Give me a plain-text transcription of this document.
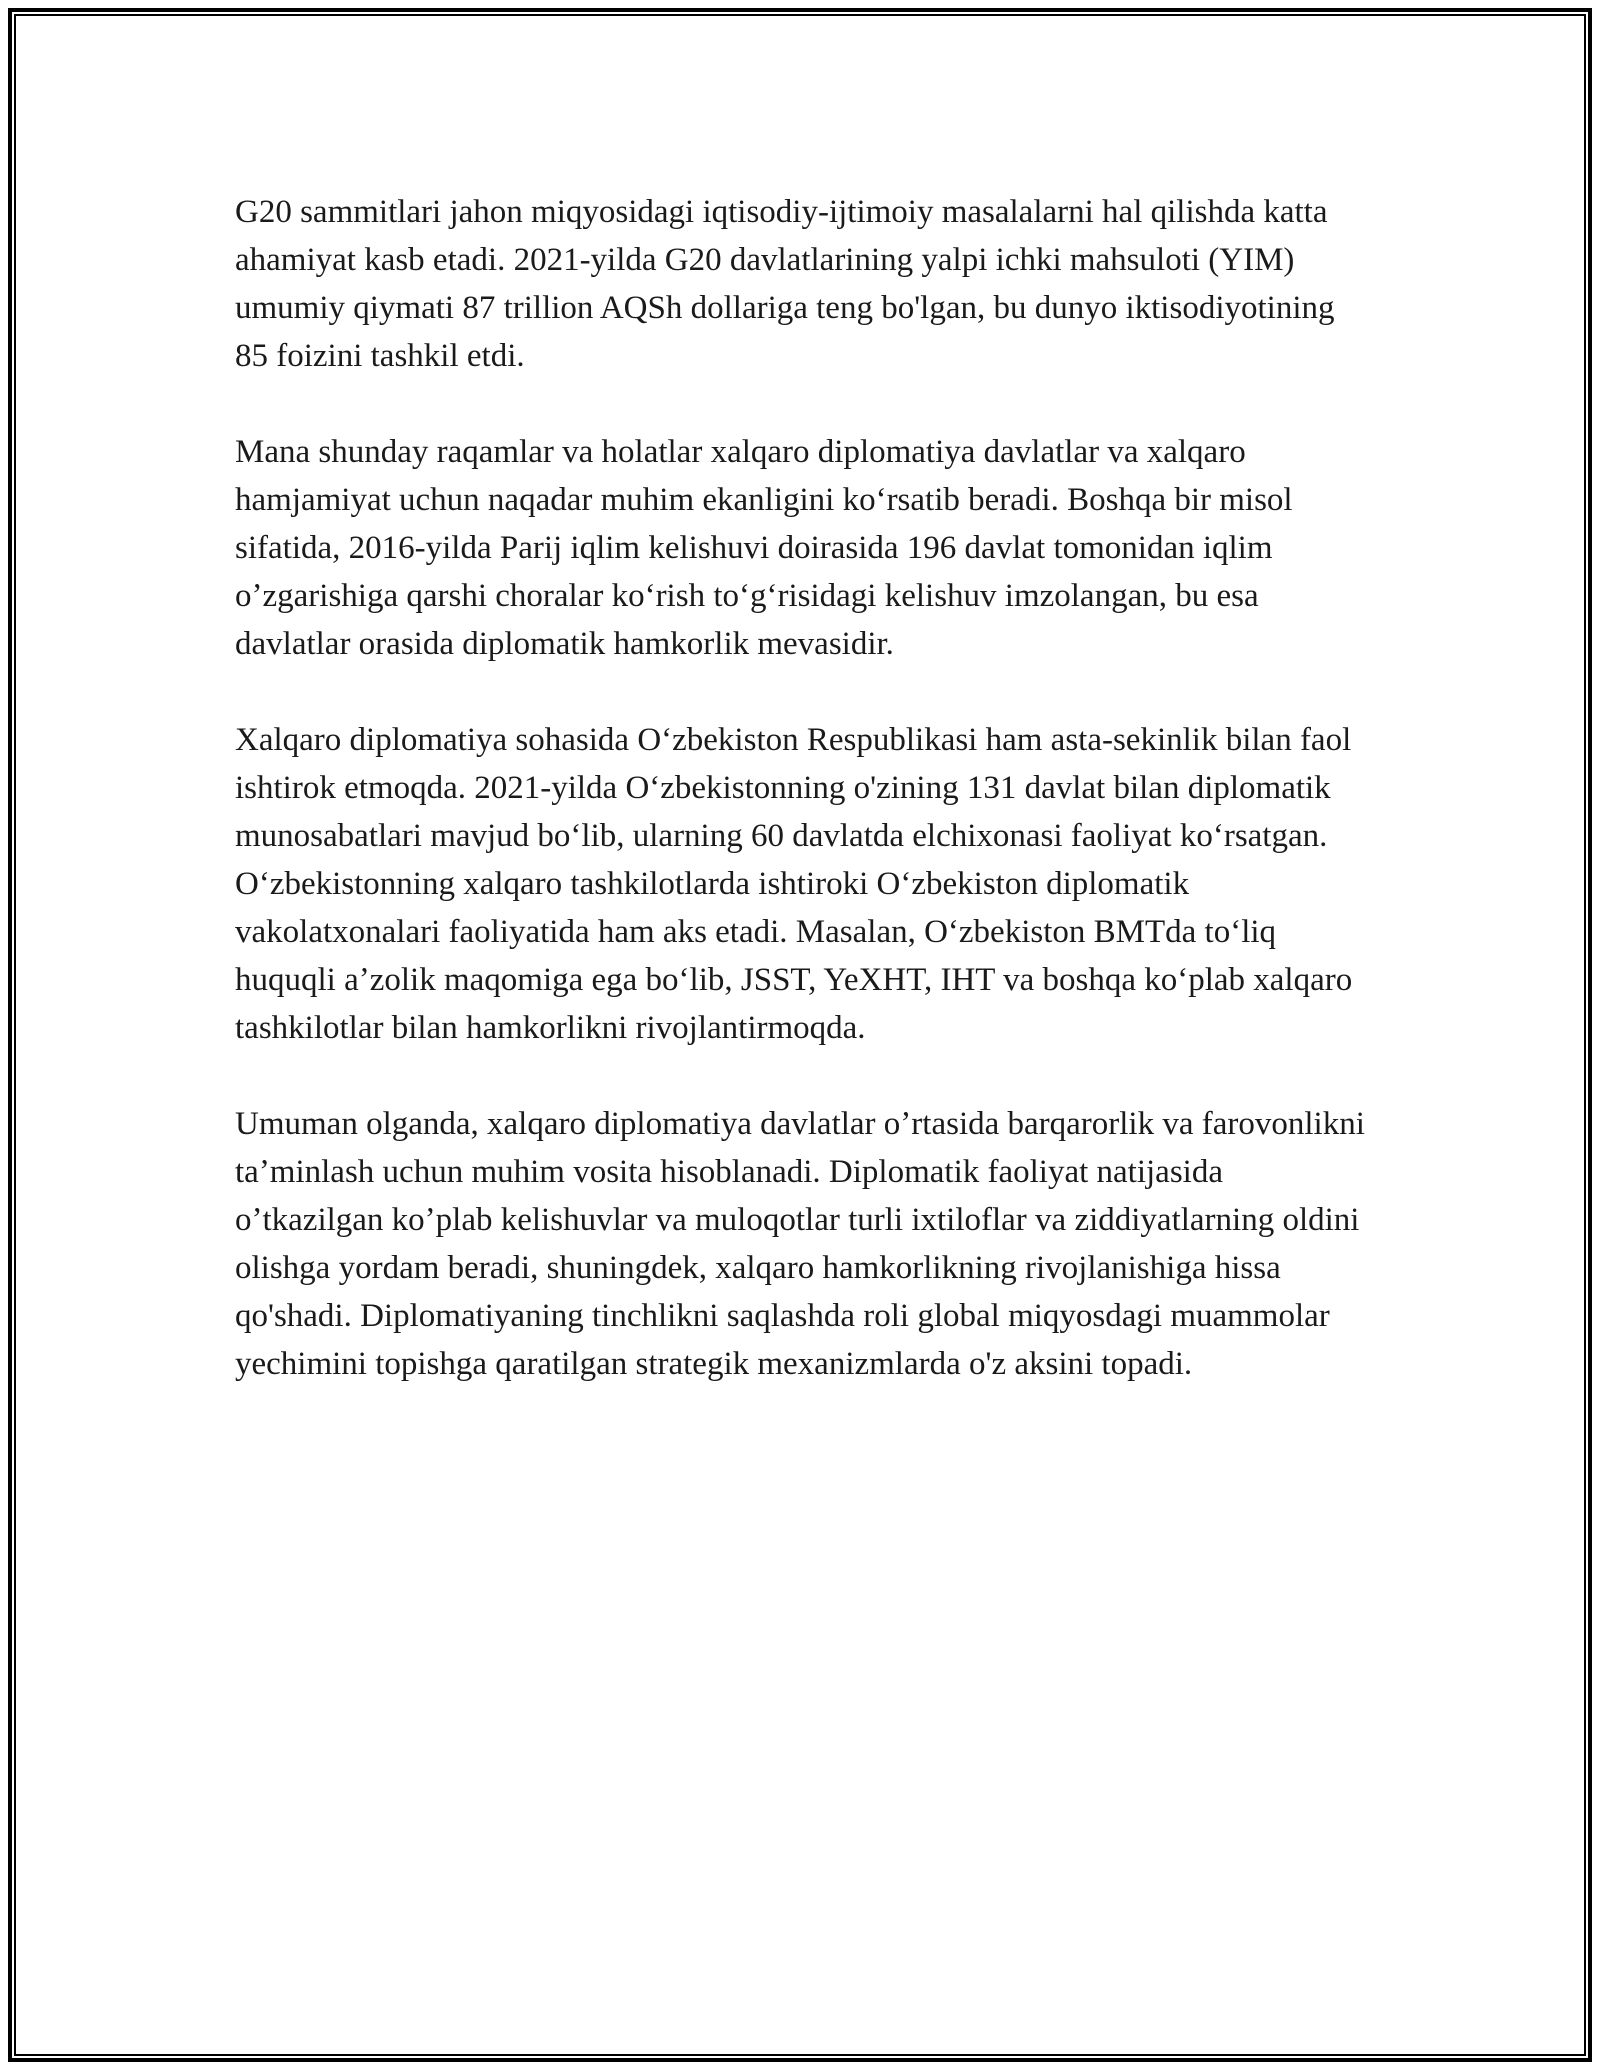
G20 sammitlari jahon miqyosidagi iqtisodiy-ijtimoiy masalalarni hal qilishda katta ahamiyat kasb etadi. 2021-yilda G20 davlatlarining yalpi ichki mahsuloti (YIM) umumiy qiymati 87 trillion AQSh dollariga teng bo'lgan, bu dunyo iktisodiyotining 85 foizini tashkil etdi.

Mana shunday raqamlar va holatlar xalqaro diplomatiya davlatlar va xalqaro hamjamiyat uchun naqadar muhim ekanligini koʻrsatib beradi. Boshqa bir misol sifatida, 2016-yilda Parij iqlim kelishuvi doirasida 196 davlat tomonidan iqlim oʼzgarishiga qarshi choralar koʻrish toʻgʻrisidagi kelishuv imzolangan, bu esa davlatlar orasida diplomatik hamkorlik mevasidir.

Xalqaro diplomatiya sohasida Oʻzbekiston Respublikasi ham asta-sekinlik bilan faol ishtirok etmoqda. 2021-yilda Oʻzbekistonning o'zining 131 davlat bilan diplomatik munosabatlari mavjud boʻlib, ularning 60 davlatda elchixonasi faoliyat koʻrsatgan. Oʻzbekistonning xalqaro tashkilotlarda ishtiroki Oʻzbekiston diplomatik vakolatxonalari faoliyatida ham aks etadi. Masalan, Oʻzbekiston BMTda toʻliq huquqli aʼzolik maqomiga ega boʻlib, JSST, YeXHT, IHT va boshqa koʻplab xalqaro tashkilotlar bilan hamkorlikni rivojlantirmoqda.

Umuman olganda, xalqaro diplomatiya davlatlar oʼrtasida barqarorlik va farovonlikni taʼminlash uchun muhim vosita hisoblanadi. Diplomatik faoliyat natijasida oʼtkazilgan koʼplab kelishuvlar va muloqotlar turli ixtiloflar va ziddiyatlarning oldini olishga yordam beradi, shuningdek, xalqaro hamkorlikning rivojlanishiga hissa qo'shadi. Diplomatiyaning tinchlikni saqlashda roli global miqyosdagi muammolar yechimini topishga qaratilgan strategik mexanizmlarda o'z aksini topadi.
